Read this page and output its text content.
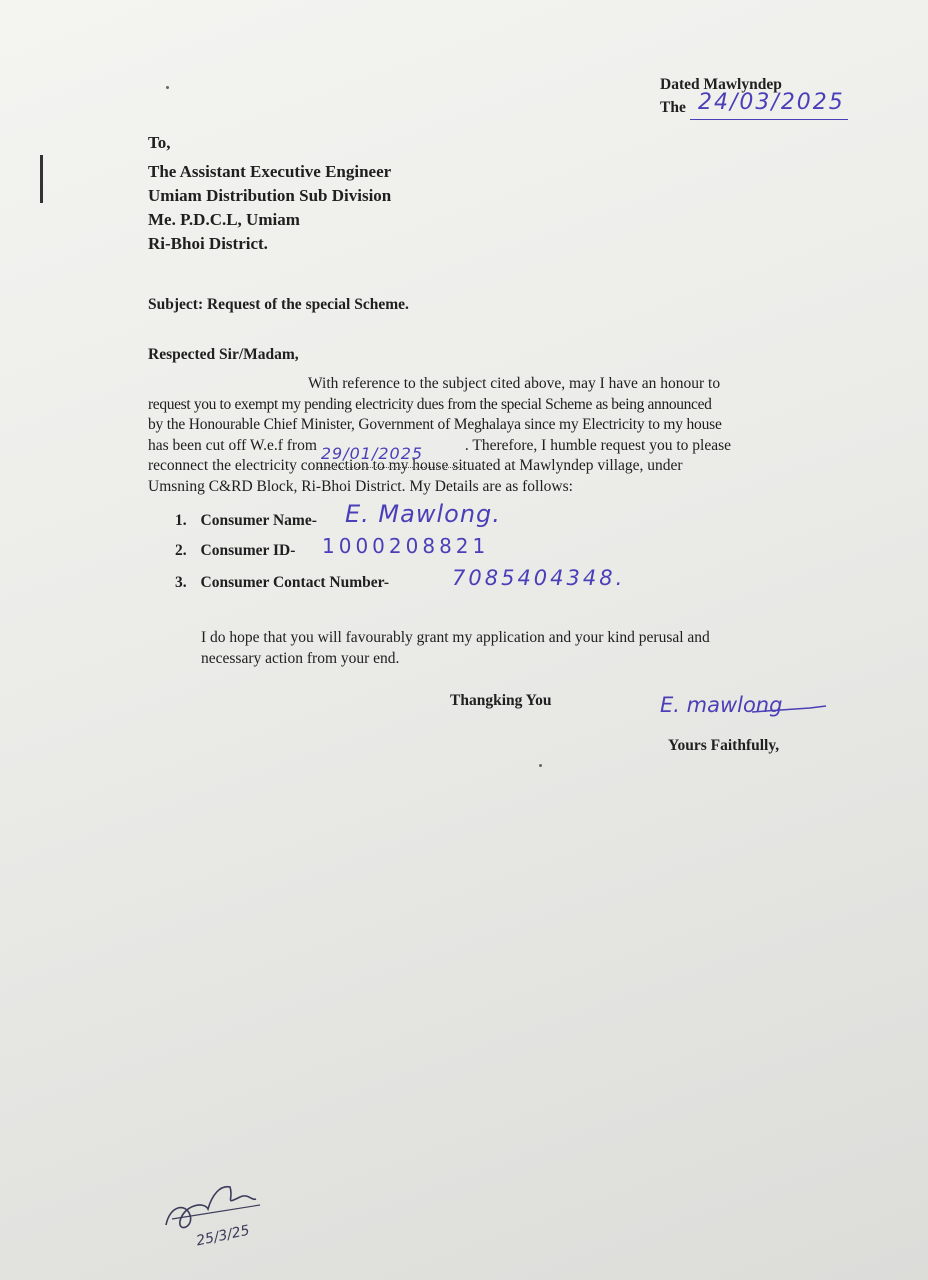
Dated Mawlyndep
The 24/03/2025
To,
The Assistant Executive Engineer
Umiam Distribution Sub Division
Me. P.D.C.L, Umiam
Ri-Bhoi District.
Subject: Request of the special Scheme.
Respected Sir/Madam,

With reference to the subject cited above, may I have an honour to

request you to exempt my pending electricity dues from the special Scheme as being announced

by the Honourable Chief Minister, Government of Meghalaya since my Electricity to my house

has been cut off W.e.f from 29/01/2025	. Therefore, I humble request you to please

reconnect the electricity connection to my house situated at Mawlyndep village, under

Umsning C&RD Block, Ri-Bhoi District. My Details are as follows:

1. Consumer Name- E. Mawlong.
2. Consumer ID- 1000208821
3. Consumer Contact Number-	7085404348.
I do hope that you will favourably grant my application and your kind perusal and
necessary action from your end.
Thangking You	E. mawlong
Yours Faithfully,
25/3/25
